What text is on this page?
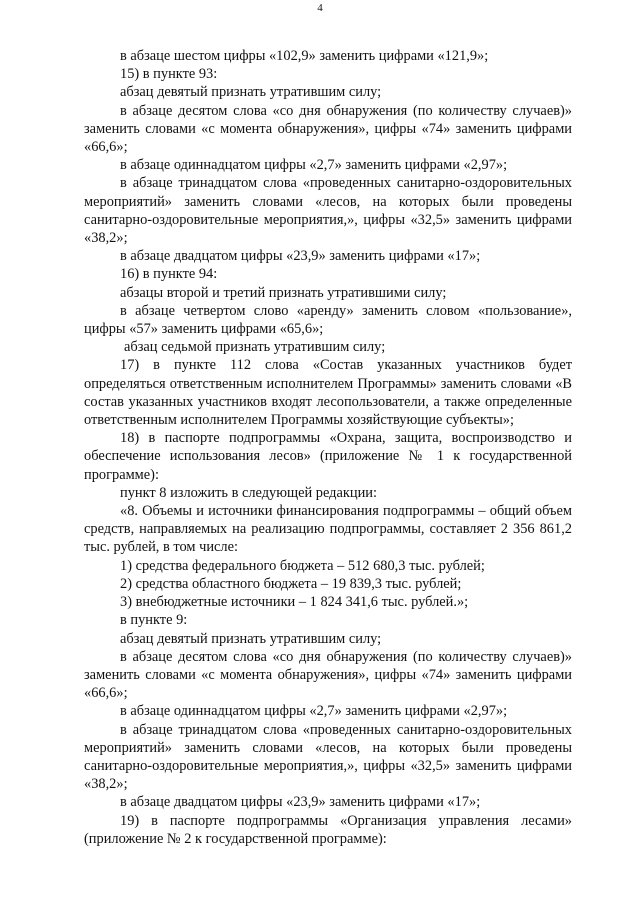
4

в абзаце шестом цифры «102,9» заменить цифрами «121,9»;

15) в пункте 93:

абзац девятый признать утратившим силу;

в абзаце десятом слова «со дня обнаружения (по количеству случаев)» заменить словами «с момента обнаружения», цифры «74» заменить цифрами «66,6»;

в абзаце одиннадцатом цифры «2,7» заменить цифрами «2,97»;

в абзаце тринадцатом слова «проведенных санитарно-оздоровительных мероприятий» заменить словами «лесов, на которых были проведены санитарно-оздоровительные мероприятия,», цифры «32,5» заменить цифрами «38,2»;

в абзаце двадцатом цифры «23,9» заменить цифрами «17»;

16) в пункте 94:

абзацы второй и третий признать утратившими силу;

в абзаце четвертом слово «аренду» заменить словом «пользование», цифры «57» заменить цифрами «65,6»;

абзац седьмой признать утратившим силу;

17) в пункте 112 слова «Состав указанных участников будет определяться ответственным исполнителем Программы» заменить словами «В состав указанных участников входят лесопользователи, а также определенные ответственным исполнителем Программы хозяйствующие субъекты»;

18) в паспорте подпрограммы «Охрана, защита, воспроизводство и обеспечение использования лесов» (приложение № 1 к государственной программе):

пункт 8 изложить в следующей редакции:

«8. Объемы и источники финансирования подпрограммы – общий объем средств, направляемых на реализацию подпрограммы, составляет 2 356 861,2 тыс. рублей, в том числе:

1) средства федерального бюджета – 512 680,3 тыс. рублей;

2) средства областного бюджета – 19 839,3 тыс. рублей;

3) внебюджетные источники – 1 824 341,6 тыс. рублей.»;

в пункте 9:

абзац девятый признать утратившим силу;

в абзаце десятом слова «со дня обнаружения (по количеству случаев)» заменить словами «с момента обнаружения», цифры «74» заменить цифрами «66,6»;

в абзаце одиннадцатом цифры «2,7» заменить цифрами «2,97»;

в абзаце тринадцатом слова «проведенных санитарно-оздоровительных мероприятий» заменить словами «лесов, на которых были проведены санитарно-оздоровительные мероприятия,», цифры «32,5» заменить цифрами «38,2»;

в абзаце двадцатом цифры «23,9» заменить цифрами «17»;

19) в паспорте подпрограммы «Организация управления лесами» (приложение № 2 к государственной программе):
